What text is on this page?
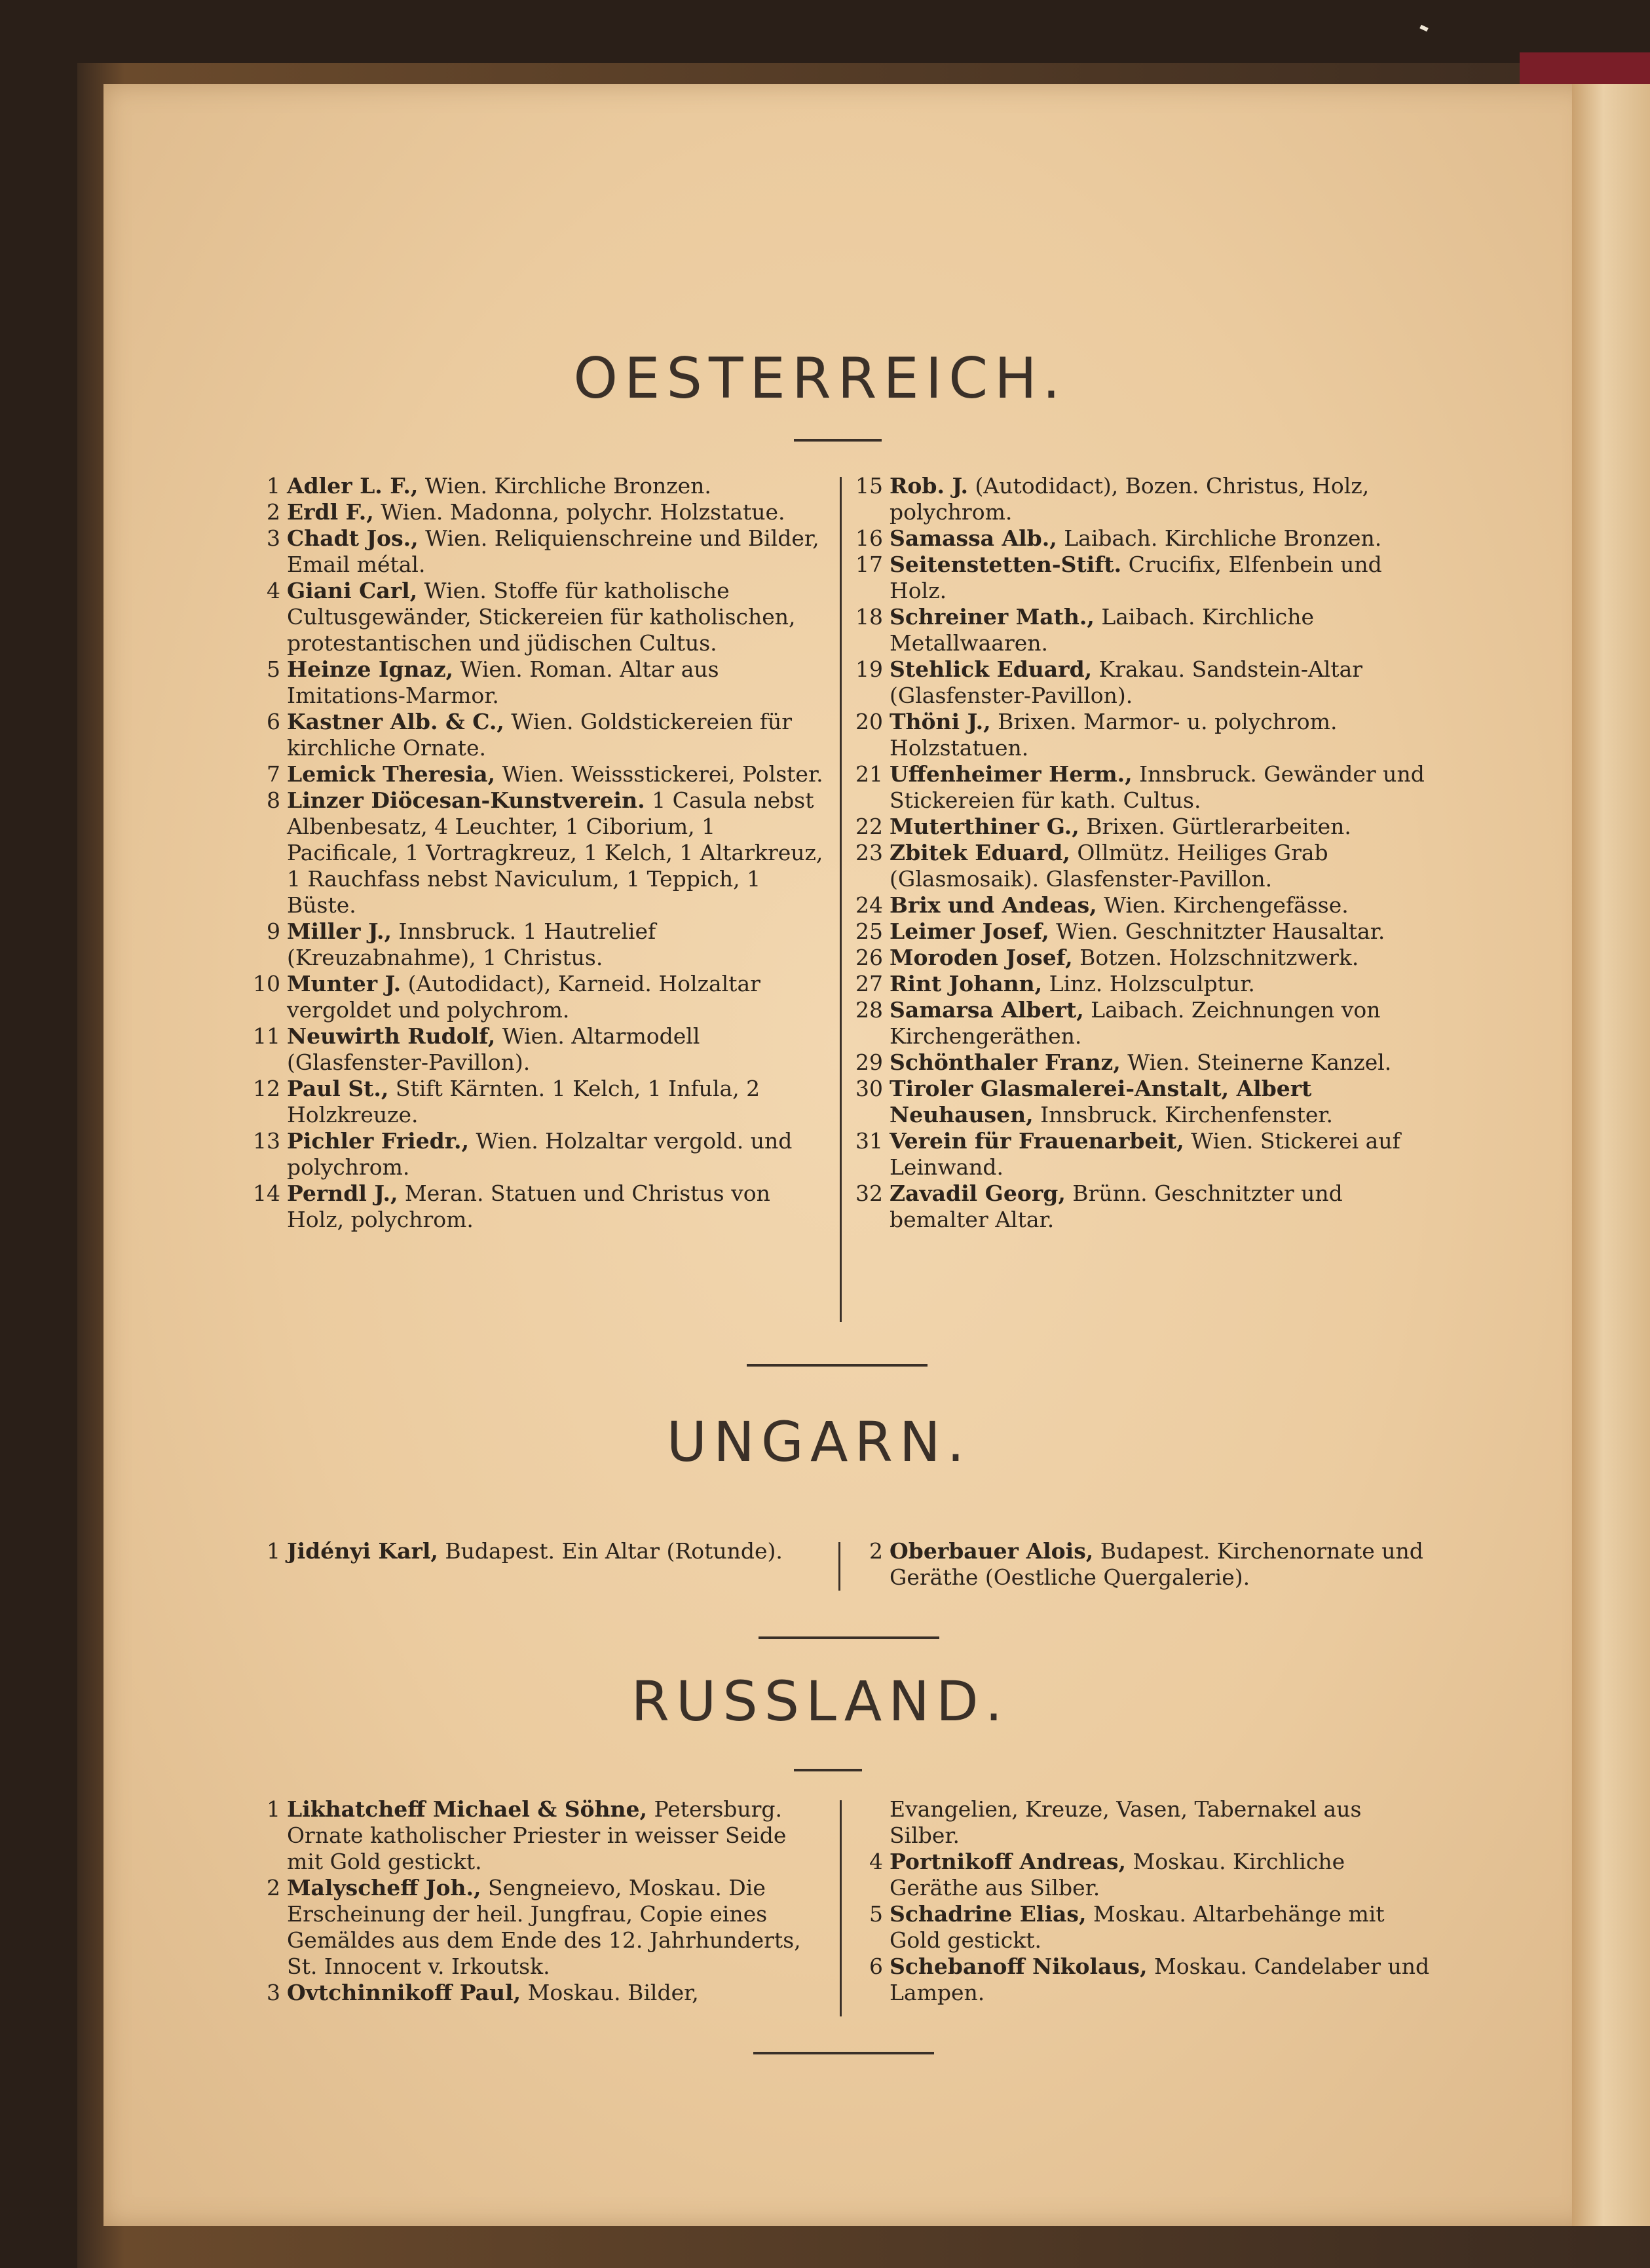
OESTERREICH.

1 Adler L. F., Wien. Kirchliche Bronzen.

2 Erdl F., Wien. Madonna, polychr. Holzstatue.

3 Chadt Jos., Wien. Reliquienschreine und Bilder, Email métal.

4 Giani Carl, Wien. Stoffe für katholische Cultusgewänder, Stickereien für katholischen, protestantischen und jüdischen Cultus.

5 Heinze Ignaz, Wien. Roman. Altar aus Imitations-Marmor.

6 Kastner Alb. & C., Wien. Goldstickereien für kirchliche Ornate.

7 Lemick Theresia, Wien. Weissstickerei, Polster.

8 Linzer Diöcesan-Kunstverein. 1 Casula nebst Albenbesatz, 4 Leuchter, 1 Ciborium, 1 Pacificale, 1 Vortragkreuz, 1 Kelch, 1 Altarkreuz, 1 Rauchfass nebst Naviculum, 1 Teppich, 1 Büste.

9 Miller J., Innsbruck. 1 Hautrelief (Kreuzabnahme), 1 Christus.

10 Munter J. (Autodidact), Karneid. Holzaltar vergoldet und polychrom.

11 Neuwirth Rudolf, Wien. Altarmodell (Glasfenster-Pavillon).

12 Paul St., Stift Kärnten. 1 Kelch, 1 Infula, 2 Holzkreuze.

13 Pichler Friedr., Wien. Holzaltar vergold. und polychrom.

14 Perndl J., Meran. Statuen und Christus von Holz, polychrom.

15 Rob. J. (Autodidact), Bozen. Christus, Holz, polychrom.

16 Samassa Alb., Laibach. Kirchliche Bronzen.

17 Seitenstetten-Stift. Crucifix, Elfenbein und Holz.

18 Schreiner Math., Laibach. Kirchliche Metallwaaren.

19 Stehlick Eduard, Krakau. Sandstein-Altar (Glasfenster-Pavillon).

20 Thöni J., Brixen. Marmor- u. polychrom. Holzstatuen.

21 Uffenheimer Herm., Innsbruck. Gewänder und Stickereien für kath. Cultus.

22 Muterthiner G., Brixen. Gürtlerarbeiten.

23 Zbitek Eduard, Ollmütz. Heiliges Grab (Glasmosaik). Glasfenster-Pavillon.

24 Brix und Andeas, Wien. Kirchengefässe.

25 Leimer Josef, Wien. Geschnitzter Hausaltar.

26 Moroden Josef, Botzen. Holzschnitzwerk.

27 Rint Johann, Linz. Holzsculptur.

28 Samarsa Albert, Laibach. Zeichnungen von Kirchengeräthen.

29 Schönthaler Franz, Wien. Steinerne Kanzel.

30 Tiroler Glasmalerei-Anstalt, Albert Neuhausen, Innsbruck. Kirchenfenster.

31 Verein für Frauenarbeit, Wien. Stickerei auf Leinwand.

32 Zavadil Georg, Brünn. Geschnitzter und bemalter Altar.

UNGARN.

1 Jidényi Karl, Budapest. Ein Altar (Rotunde).	2 Oberbauer Alois, Budapest. Kirchenornate und Geräthe (Oestliche Quergalerie).

RUSSLAND.

1 Likhatcheff Michael & Söhne, Petersburg. Ornate katholischer Priester in weisser Seide mit Gold gestickt.

2 Malyscheff Joh., Sengneievo, Moskau. Die Erscheinung der heil. Jungfrau, Copie eines Gemäldes aus dem Ende des 12. Jahrhunderts, St. Innocent v. Irkoutsk.

3 Ovtchinnikoff Paul, Moskau. Bilder,

Evangelien, Kreuze, Vasen, Tabernakel aus Silber.

4 Portnikoff Andreas, Moskau. Kirchliche Geräthe aus Silber.

5 Schadrine Elias, Moskau. Altarbehänge mit Gold gestickt.

6 Schebanoff Nikolaus, Moskau. Candelaber und Lampen.
